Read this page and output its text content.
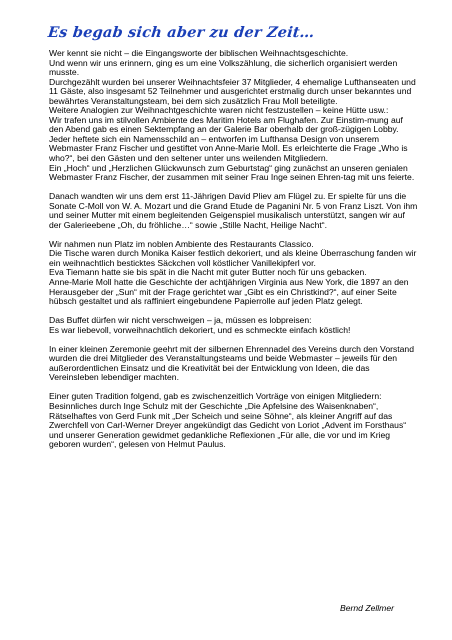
Es begab sich aber zu der Zeit…

Wer kennt sie nicht – die Eingangsworte der biblischen Weihnachtsgeschichte.

Und wenn wir uns erinnern, ging es um eine Volkszählung, die sicherlich organisiert werden musste.

Durchgezählt wurden bei unserer Weihnachtsfeier 37 Mitglieder, 4 ehemalige Lufthanseaten und 11 Gäste, also insgesamt 52 Teilnehmer und ausgerichtet erstmalig durch unser bekanntes und bewährtes Veranstaltungsteam, bei dem sich zusätzlich Frau Moll beteiligte.

Weitere Analogien zur Weihnachtgeschichte waren nicht festzustellen – keine Hütte usw.:

Wir trafen uns im stilvollen Ambiente des Maritim Hotels am Flughafen. Zur Einstim-mung auf den Abend gab es einen Sektempfang an der Galerie Bar oberhalb der groß-zügigen Lobby.

Jeder heftete sich ein Namensschild an – entworfen im Lufthansa Design von unserem Webmaster Franz Fischer und gestiftet von Anne-Marie Moll. Es erleichterte die Frage „Who is who?“, bei den Gästen und den seltener unter uns weilenden Mitgliedern.

Ein „Hoch“ und „Herzlichen Glückwunsch zum Geburtstag“ ging zunächst an unseren genialen Webmaster Franz Fischer, der zusammen mit seiner Frau Inge seinen Ehren-tag mit uns feierte.

Danach wandten wir uns dem erst 11-Jährigen David Pliev am Flügel zu. Er spielte für uns die Sonate C-Moll von W. A. Mozart und die Grand Etude de Paganini Nr. 5 von Franz Liszt. Von ihm und seiner Mutter mit einem begleitenden Geigenspiel musikalisch unterstützt, sangen wir auf der Galerieebene „Oh, du fröhliche…“ sowie „Stille Nacht, Heilige Nacht“.

Wir nahmen nun Platz im noblen Ambiente des Restaurants Classico.

Die Tische waren durch Monika Kaiser festlich dekoriert, und als kleine Überraschung fanden wir ein weihnachtlich besticktes Säckchen voll köstlicher Vanillekipferl vor.

Eva Tiemann hatte sie bis spät in die Nacht mit guter Butter noch für uns gebacken.

Anne-Marie Moll hatte die Geschichte der achtjährigen Virginia aus New York, die 1897 an den Herausgeber der „Sun“ mit der Frage gerichtet war „Gibt es ein Christkind?“, auf einer Seite hübsch gestaltet und als raffiniert eingebundene Papierrolle auf jeden Platz gelegt.

Das Buffet dürfen wir nicht verschweigen – ja, müssen es lobpreisen:

Es war liebevoll, vorweihnachtlich dekoriert, und es schmeckte einfach köstlich!

In einer kleinen Zeremonie geehrt mit der silbernen Ehrennadel des Vereins durch den Vorstand wurden die drei Mitglieder des Veranstaltungsteams und beide Webmaster – jeweils für den außerordentlichen Einsatz und die Kreativität bei der Entwicklung von Ideen, die das Vereinsleben lebendiger machten.

Einer guten Tradition folgend, gab es zwischenzeitlich Vorträge von einigen Mitgliedern: Besinnliches durch Inge Schulz mit der Geschichte „Die Apfelsine des Waisenknaben“, Rätselhaftes von Gerd Funk mit „Der Scheich und seine Söhne“, als kleiner Angriff auf das Zwerchfell von Carl-Werner Dreyer angekündigt das Gedicht von Loriot „Advent im Forsthaus“ und unserer Generation gewidmet gedankliche Reflexionen „Für alle, die vor und im Krieg geboren wurden“, gelesen von Helmut Paulus.

Bernd Zellmer
